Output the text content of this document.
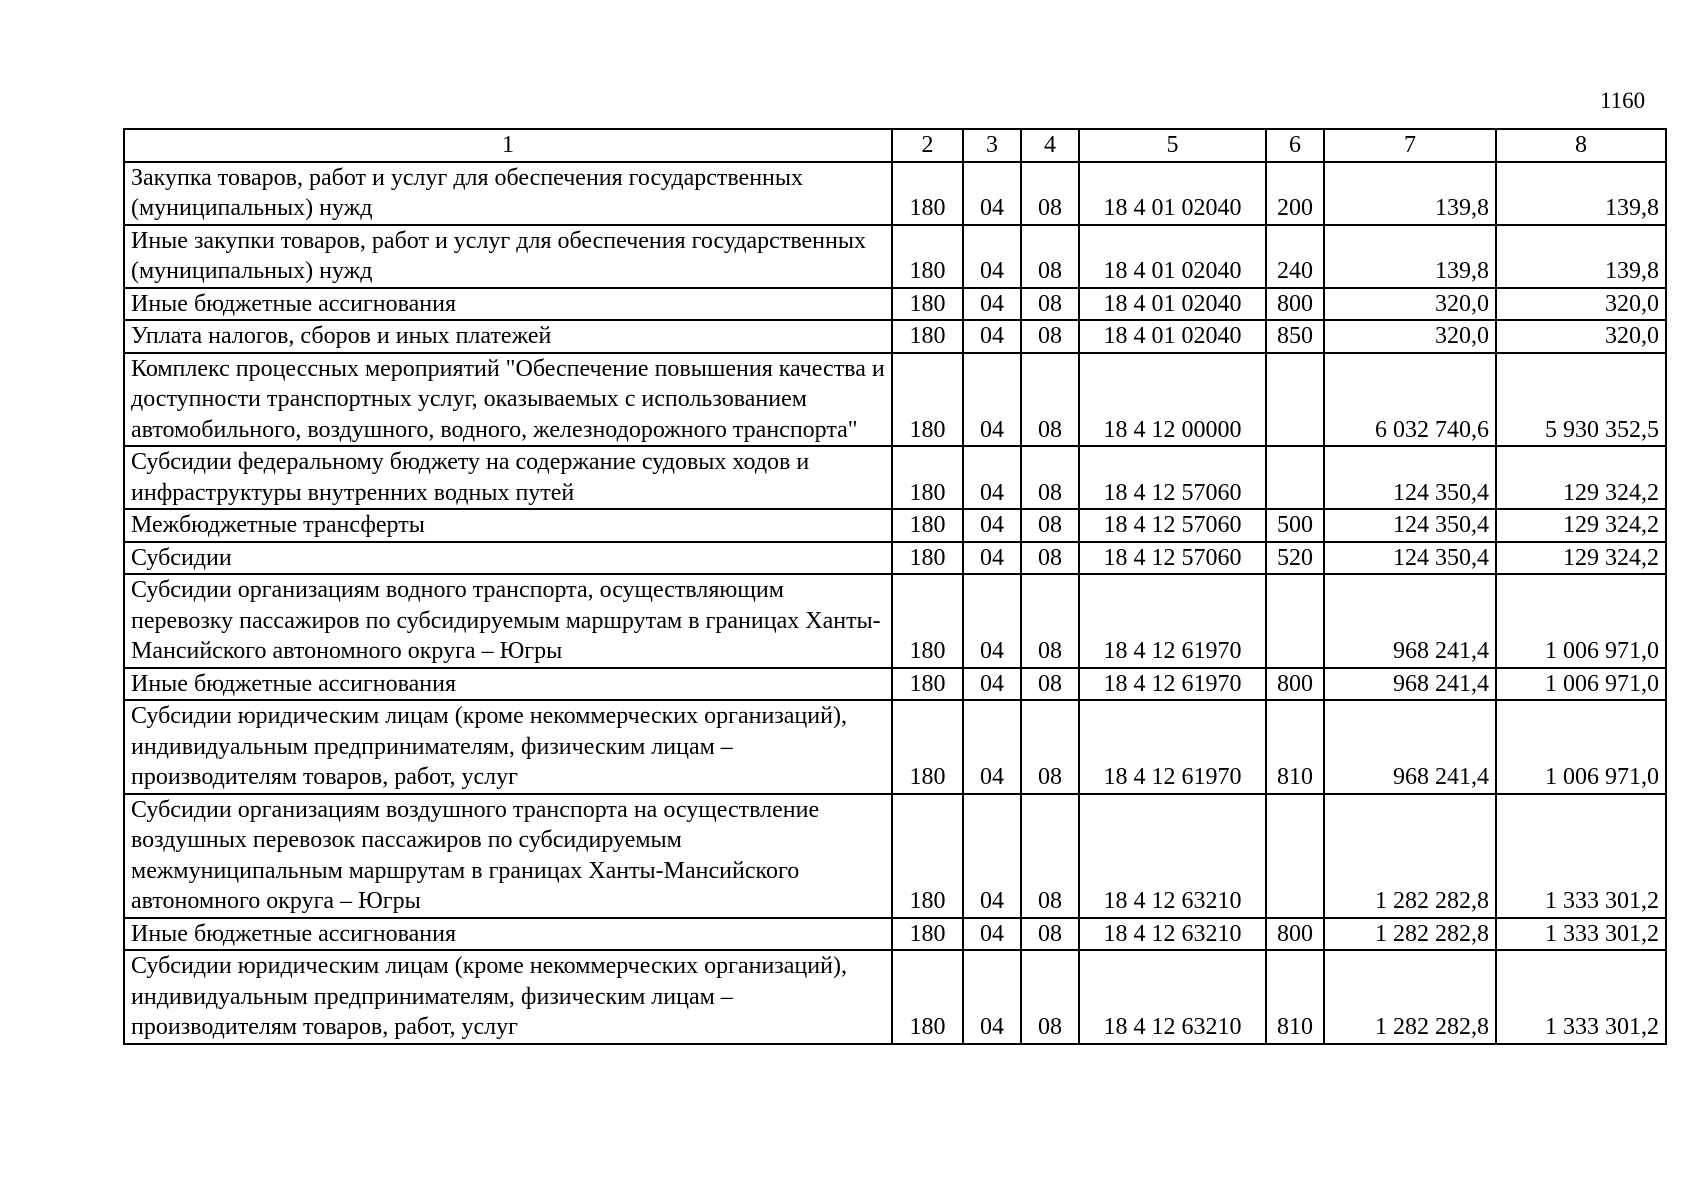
1160
1	2	3	4	5	6	7	8
Закупка товаров, работ и услуг для обеспечения государственных (муниципальных) нужд	180	04	08	18 4 01 02040	200	139,8	139,8
Иные закупки товаров, работ и услуг для обеспечения государственных (муниципальных) нужд	180	04	08	18 4 01 02040	240	139,8	139,8
Иные бюджетные ассигнования	180	04	08	18 4 01 02040	800	320,0	320,0
Уплата налогов, сборов и иных платежей	180	04	08	18 4 01 02040	850	320,0	320,0
Комплекс процессных мероприятий "Обеспечение повышения качества и доступности транспортных услуг, оказываемых с использованием автомобильного, воздушного, водного, железнодорожного транспорта"	180	04	08	18 4 12 00000		6 032 740,6	5 930 352,5
Субсидии федеральному бюджету на содержание судовых ходов и инфраструктуры внутренних водных путей	180	04	08	18 4 12 57060		124 350,4	129 324,2
Межбюджетные трансферты	180	04	08	18 4 12 57060	500	124 350,4	129 324,2
Субсидии	180	04	08	18 4 12 57060	520	124 350,4	129 324,2
Субсидии организациям водного транспорта, осуществляющим перевозку пассажиров по субсидируемым маршрутам в границах Ханты-Мансийского автономного округа – Югры	180	04	08	18 4 12 61970		968 241,4	1 006 971,0
Иные бюджетные ассигнования	180	04	08	18 4 12 61970	800	968 241,4	1 006 971,0
Субсидии юридическим лицам (кроме некоммерческих организаций), индивидуальным предпринимателям, физическим лицам – производителям товаров, работ, услуг	180	04	08	18 4 12 61970	810	968 241,4	1 006 971,0
Субсидии организациям воздушного транспорта на осуществление воздушных перевозок пассажиров по субсидируемым межмуниципальным маршрутам в границах Ханты-Мансийского автономного округа – Югры	180	04	08	18 4 12 63210		1 282 282,8	1 333 301,2
Иные бюджетные ассигнования	180	04	08	18 4 12 63210	800	1 282 282,8	1 333 301,2
Субсидии юридическим лицам (кроме некоммерческих организаций), индивидуальным предпринимателям, физическим лицам – производителям товаров, работ, услуг	180	04	08	18 4 12 63210	810	1 282 282,8	1 333 301,2
